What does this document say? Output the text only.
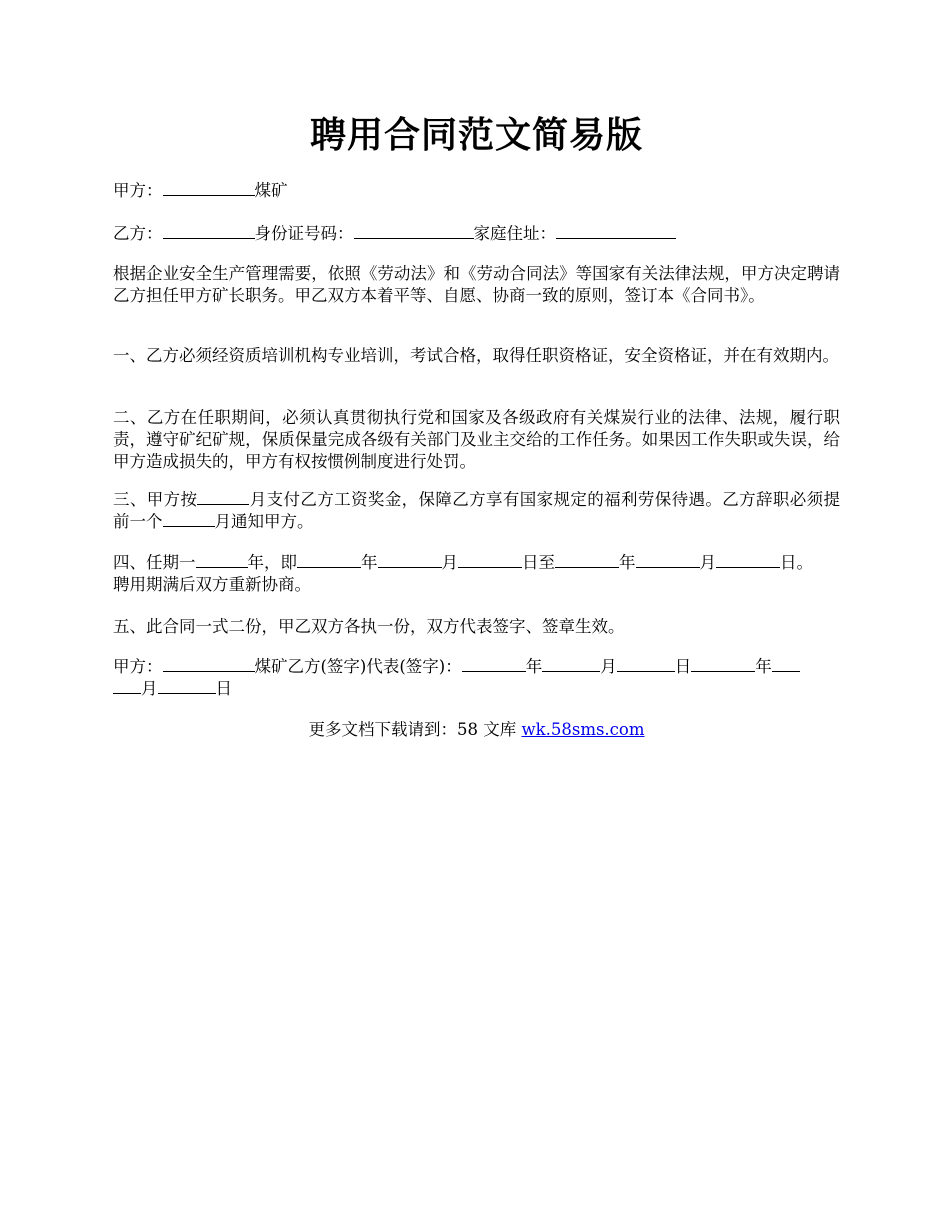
聘用合同范文简易版

甲方：	煤矿

乙方：	身份证号码：	家庭住址：

根据企业安全生产管理需要，依照《劳动法》和《劳动合同法》等国家有关法律法规，甲方决定聘请乙方担任甲方矿长职务。甲乙双方本着平等、自愿、协商一致的原则，签订本《合同书》。

一、乙方必须经资质培训机构专业培训，考试合格，取得任职资格证，安全资格证，并在有效期内。

二、乙方在任职期间，必须认真贯彻执行党和国家及各级政府有关煤炭行业的法律、法规，履行职责，遵守矿纪矿规，保质保量完成各级有关部门及业主交给的工作任务。如果因工作失职或失误，给甲方造成损失的，甲方有权按惯例制度进行处罚。

三、甲方按	月支付乙方工资奖金，保障乙方享有国家规定的福利劳保待遇。乙方辞职必须提前一个	月通知甲方。

四、任期一	年，即	年	月	日至	年	月	日。
聘用期满后双方重新协商。

五、此合同一式二份，甲乙双方各执一份，双方代表签字、签章生效。

甲方：	煤矿乙方(签字)代表(签字)：	年	月	日	年
月	日

更多文档下载请到：58 文库 wk.58sms.com
